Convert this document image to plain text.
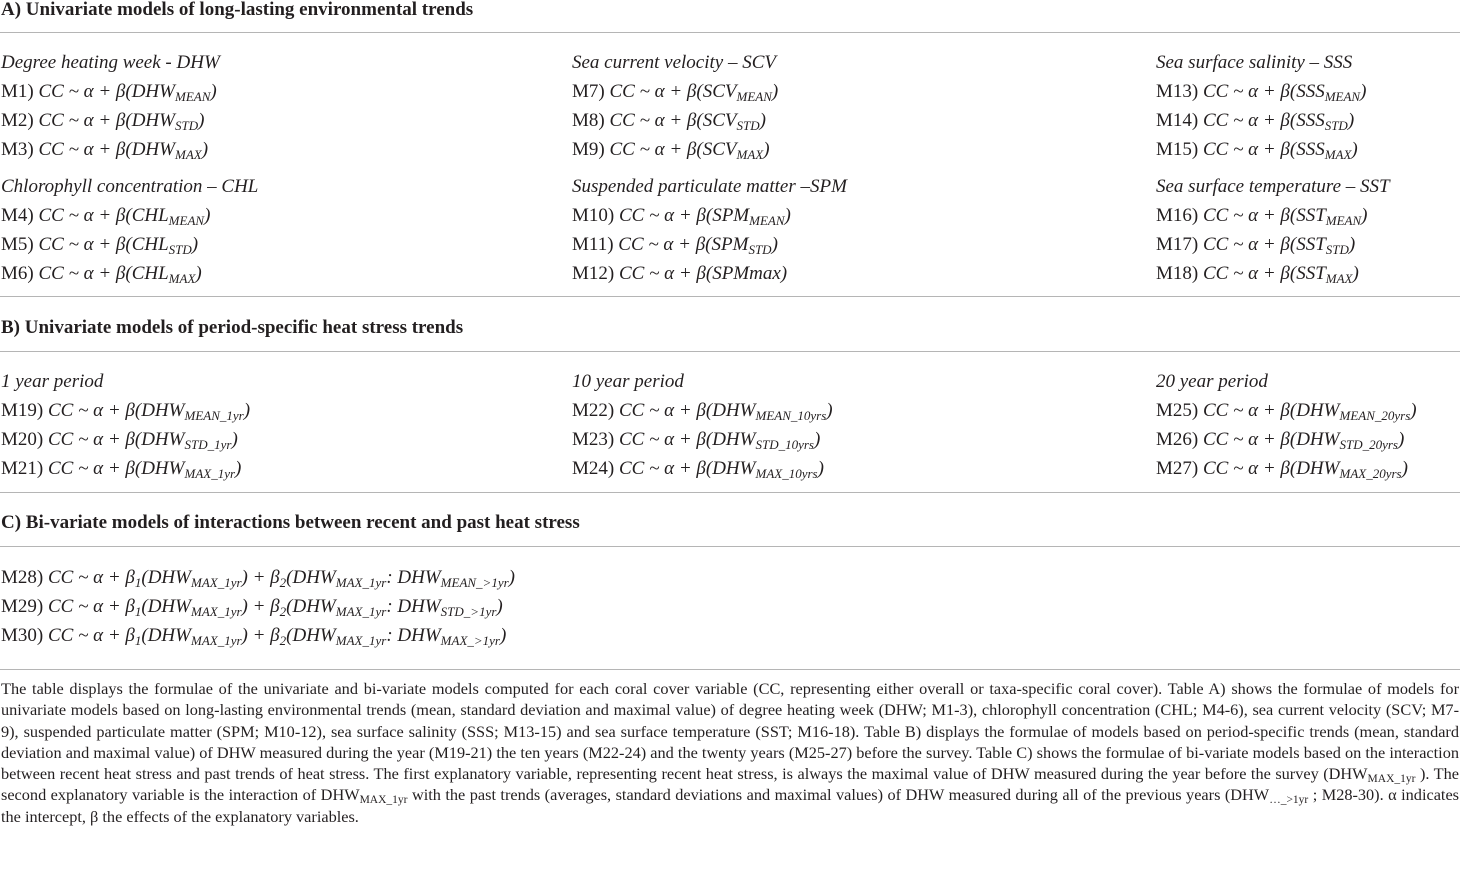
A) Univariate models of long-lasting environmental trends
Degree heating week - DHW
M1) CC ~ $\alpha + \beta(DHW_{MEAN})$
M2) CC ~ $\alpha + \beta(DHW_{STD})$
M3) CC ~ $\alpha + \beta(DHW_{MAX})$
Sea current velocity – SCV
M7) CC ~ $\alpha + \beta(SCV_{MEAN})$
M8) CC ~ $\alpha + \beta(SCV_{STD})$
M9) CC ~ $\alpha + \beta(SCV_{MAX})$
Sea surface salinity – SSS
M13) CC ~ $\alpha + \beta(SSS_{MEAN})$
M14) CC ~ $\alpha + \beta(SSS_{STD})$
M15) CC ~ $\alpha + \beta(SSS_{MAX})$
Chlorophyll concentration – CHL
M4) CC ~ $\alpha + \beta(CHL_{MEAN})$
M5) CC ~ $\alpha + \beta(CHL_{STD})$
M6) CC ~ $\alpha + \beta(CHL_{MAX})$
Suspended particulate matter –SPM
M10) CC ~ $\alpha + \beta(SPM_{MEAN})$
M11) CC ~ $\alpha + \beta(SPM_{STD})$
M12) CC ~ α + β(SPMmax)
Sea surface temperature – SST
M16) CC ~ $\alpha + \beta(SST_{MEAN})$
M17) CC ~ $\alpha + \beta(SST_{STD})$
M18) CC ~ $\alpha + \beta(SST_{MAX})$
B) Univariate models of period-specific heat stress trends
1 year period
M19) CC ~ $\alpha + \beta(DHW_{MEAN\_1yr})$
M20) CC ~ $\alpha + \beta(DHW_{STD\_1yr})$
M21) CC ~ $\alpha + \beta(DHW_{MAX\_1yr})$
10 year period
M22) CC ~ $\alpha + \beta(DHW_{MEAN\_10yrs})$
M23) CC ~ $\alpha + \beta(DHW_{STD\_10yrs})$
M24) CC ~ $\alpha + \beta(DHW_{MAX\_10yrs})$
20 year period
M25) CC ~ $\alpha + \beta(DHW_{MEAN\_20yrs})$
M26) CC ~ $\alpha + \beta(DHW_{STD\_20yrs})$
M27) CC ~ $\alpha + \beta(DHW_{MAX\_20yrs})$
C) Bi-variate models of interactions between recent and past heat stress
M28) CC ~ $\alpha + \beta_1(DHW_{MAX\_1yr}) + \beta_2(DHW_{MAX\_1yr}$: $DHW_{MEAN\_>1yr}$)
M29) CC ~ $\alpha + \beta_1(DHW_{MAX\_1yr}) + \beta_2(DHW_{MAX\_1yr}$: $DHW_{STD\_>1yr}$)
M30) CC ~ $\alpha + \beta_1(DHW_{MAX\_1yr}) + \beta_2(DHW_{MAX\_1yr}$: $DHW_{MAX\_>1yr}$)
The table displays the formulae of the univariate and bi-variate models computed for each coral cover variable (CC, representing either overall or taxa-specific coral cover). Table A) shows the formulae of models for univariate models based on long-lasting environmental trends (mean, standard deviation and maximal value) of degree heating week (DHW; M1-3), chlorophyll concentration (CHL; M4-6), sea current velocity (SCV; M7-9), suspended particulate matter (SPM; M10-12), sea surface salinity (SSS; M13-15) and sea surface temperature (SST; M16-18). Table B) displays the formulae of models based on period-specific trends (mean, standard deviation and maximal value) of DHW measured during the year (M19-21) the ten years (M22-24) and the twenty years (M25-27) before the survey. Table C) shows the formulae of bi-variate models based on the interaction between recent heat stress and past trends of heat stress. The first explanatory variable, representing recent heat stress, is always the maximal value of DHW measured during the year before the survey ($DHW_{MAX\_1yr}$ ). The second explanatory variable is the interaction of $DHW_{MAX\_1yr}$ with the past trends (averages, standard deviations and maximal values) of DHW measured during all of the previous years ($DHW_{\dots\_>1yr}$ ; M28-30). α indicates the intercept, β the effects of the explanatory variables.
